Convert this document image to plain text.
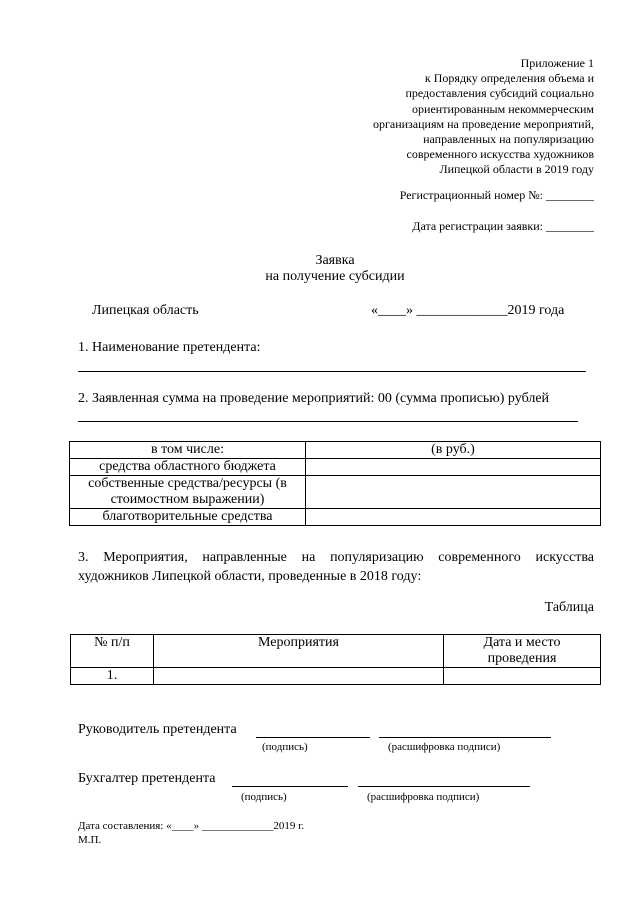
Приложение 1
к Порядку определения объема и
предоставления субсидий социально
ориентированным некоммерческим
организациям на проведение мероприятий,
направленных на популяризацию
современного искусства художников
Липецкой области в 2019 году
Регистрационный номер №: ________
Дата регистрации заявки: ________
Заявка
на получение субсидии
Липецкая область	«____» _____________2019 года
1. Наименование претендента:
2. Заявленная сумма на проведение мероприятий: 00 (сумма прописью) рублей
в том числе:	(в руб.)
средства областного бюджета	
собственные средства/ресурсы (в стоимостном выражении)	
благотворительные средства	
3. Мероприятия, направленные на популяризацию современного искусства художников Липецкой области, проведенные в 2018 году:
Таблица
№ п/п	Мероприятия	Дата и место проведения
1.		
Руководитель претендента
(подпись)	(расшифровка подписи)
Бухгалтер претендента
(подпись)	(расшифровка подписи)
Дата составления: «____» _____________2019 г.
М.П.
